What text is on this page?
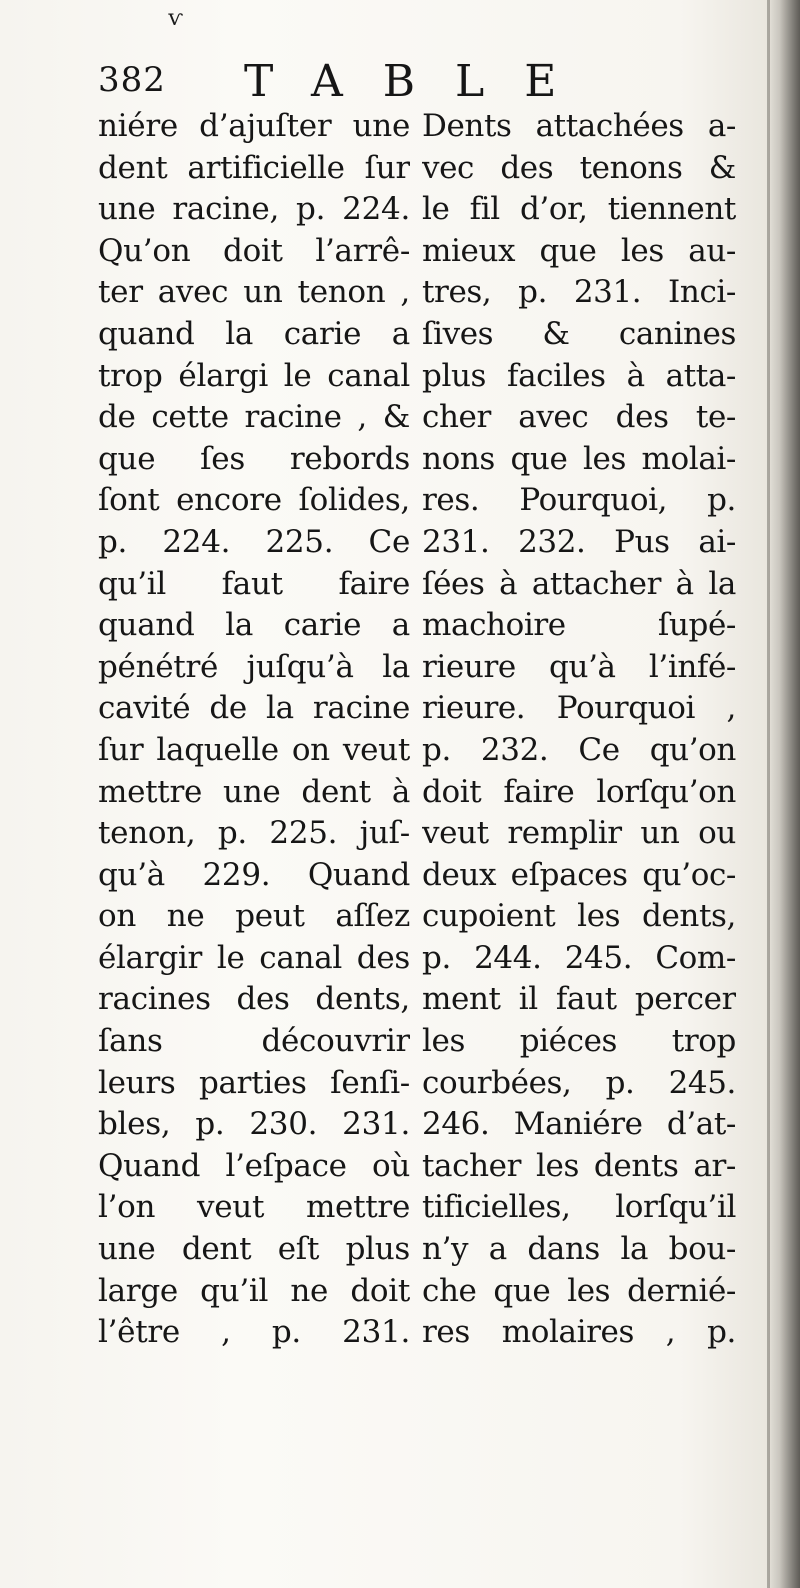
ѵ
382 TABLE
niére d’ajuſter une
dent artificielle ſur
une racine, p. 224.
Qu’on doit l’arrê-
ter avec un tenon ,
quand la carie a
trop élargi le canal
de cette racine , &
que ſes rebords
ſont encore ſolides,
p. 224. 225. Ce
qu’il faut faire
quand la carie a
pénétré juſqu’à la
cavité de la racine
ſur laquelle on veut
mettre une dent à
tenon, p. 225. juſ-
qu’à 229. Quand
on ne peut aſſez
élargir le canal des
racines des dents,
ſans découvrir
leurs parties ſenſi-
bles, p. 230. 231.
Quand l’eſpace où
l’on veut mettre
une dent eſt plus
large qu’il ne doit
l’être , p. 231.
Dents attachées a-
vec des tenons &
le fil d’or, tiennent
mieux que les au-
tres, p. 231. Inci-
ſives & canines
plus faciles à atta-
cher avec des te-
nons que les molai-
res. Pourquoi, p.
231. 232. Pus ai-
ſées à attacher à la
machoire ſupé-
rieure qu’à l’infé-
rieure. Pourquoi ,
p. 232. Ce qu’on
doit faire lorſqu’on
veut remplir un ou
deux eſpaces qu’oc-
cupoient les dents,
p. 244. 245. Com-
ment il faut percer
les piéces trop
courbées, p. 245.
246. Maniére d’at-
tacher les dents ar-
tificielles, lorſqu’il
n’y a dans la bou-
che que les dernié-
res molaires , p.
